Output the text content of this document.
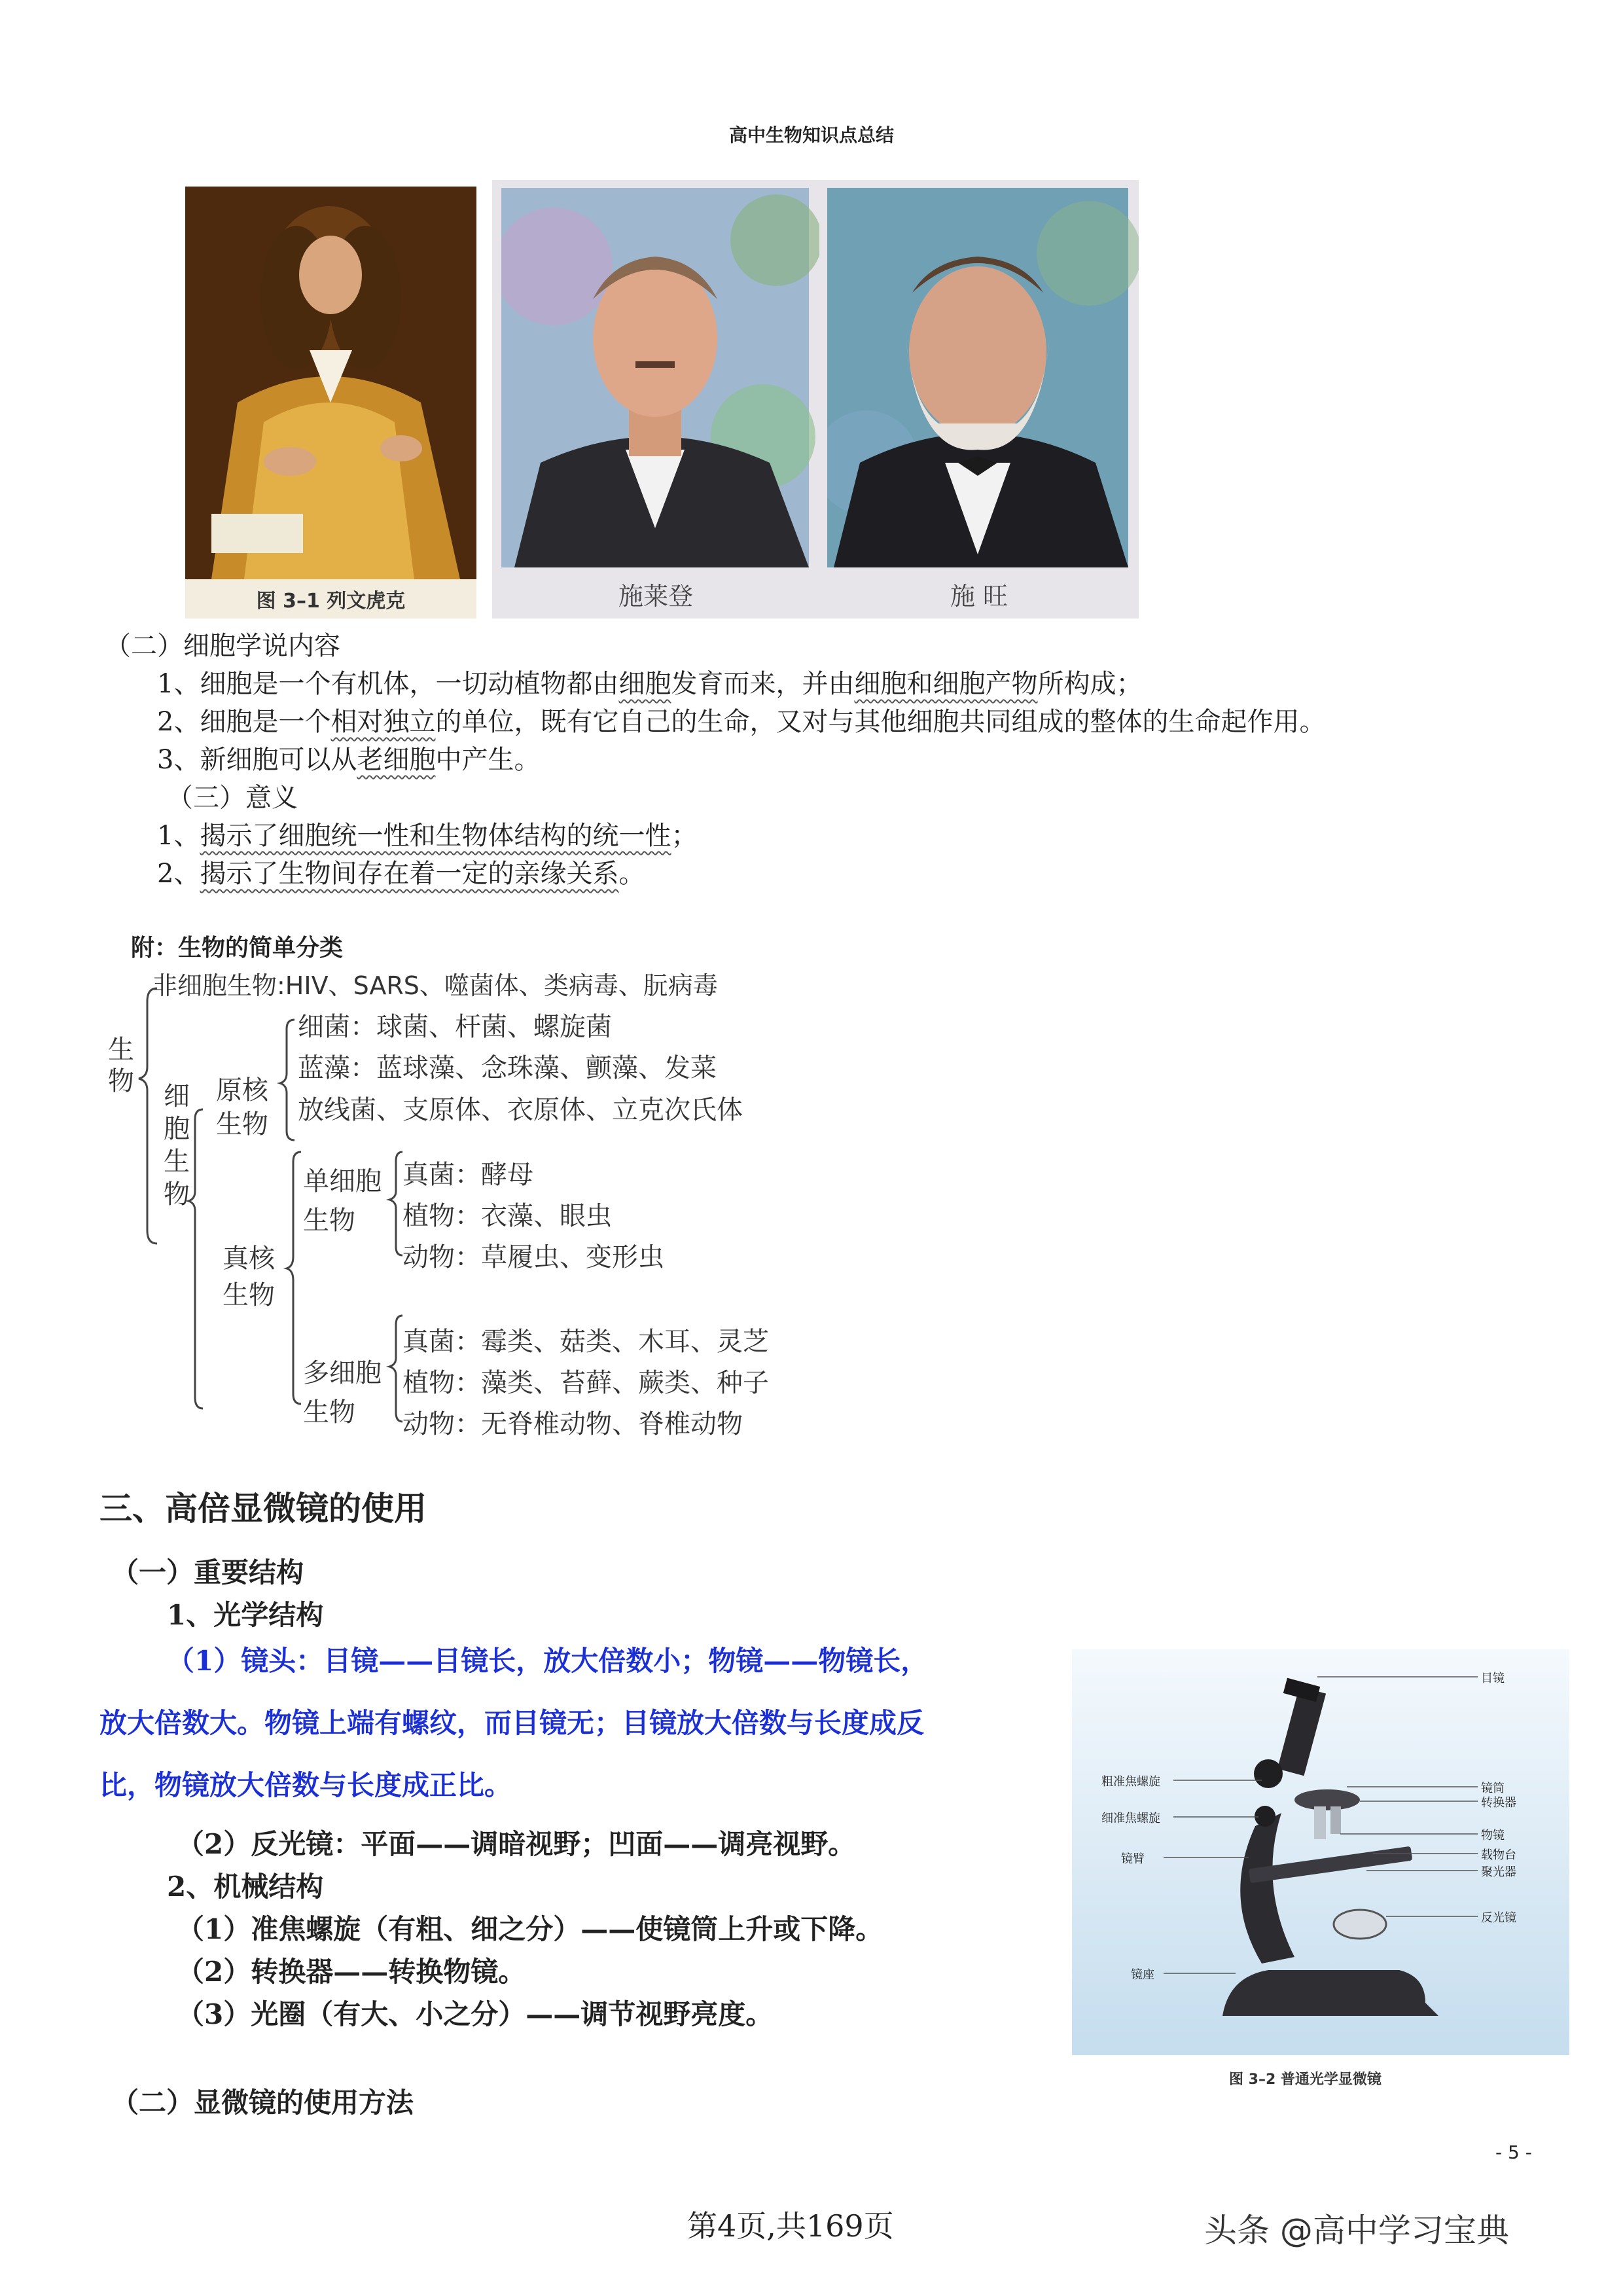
高中生物知识点总结
图 3–1 列文虎克	施莱登	施 旺
（二）细胞学说内容
1、细胞是一个有机体，一切动植物都由细胞发育而来，并由细胞和细胞产物所构成；
2、细胞是一个相对独立的单位，既有它自己的生命，又对与其他细胞共同组成的整体的生命起作用。
3、新细胞可以从老细胞中产生。
（三）意义
1、揭示了细胞统一性和生物体结构的统一性；
2、揭示了生物间存在着一定的亲缘关系。
附：生物的简单分类
非细胞生物:HIV、SARS、噬菌体、类病毒、朊病毒
生物 细胞生物
原核生物
细菌：球菌、杆菌、螺旋菌
蓝藻：蓝球藻、念珠藻、颤藻、发菜
放线菌、支原体、衣原体、立克次氏体
真核生物
单细胞生物
真菌：酵母
植物：衣藻、眼虫
动物：草履虫、变形虫
多细胞生物
真菌：霉类、菇类、木耳、灵芝
植物：藻类、苔藓、蕨类、种子
动物：无脊椎动物、脊椎动物
三、高倍显微镜的使用
（一）重要结构
1、光学结构
（1）镜头：目镜——目镜长，放大倍数小；物镜——物镜长，
放大倍数大。物镜上端有螺纹，而目镜无；目镜放大倍数与长度成反
比，物镜放大倍数与长度成正比。
（2）反光镜：平面——调暗视野；凹面——调亮视野。
2、机械结构
（1）准焦螺旋（有粗、细之分）——使镜筒上升或下降。
（2）转换器——转换物镜。
（3）光圈（有大、小之分）——调节视野亮度。
（二）显微镜的使用方法
目镜
粗准焦螺旋	镜筒
转换器
细准焦螺旋
镜臂
物镜
载物台
聚光器
反光镜
镜座
图 3–2 普通光学显微镜
- 5 -
第4页,共169页	头条 @高中学习宝典
